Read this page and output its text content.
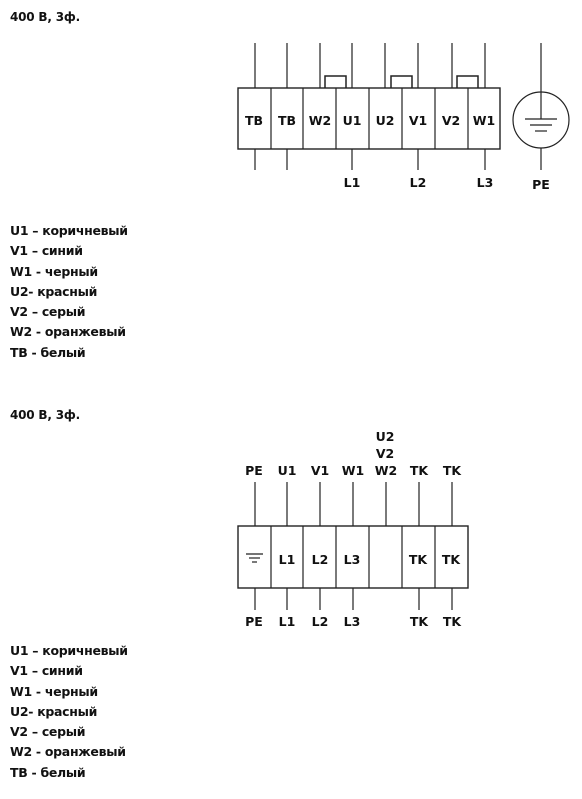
400 В, 3ф.
ТВ ТВ W2 U1 U2 V1 V2 W1
L1	L2	L3	PE
U1 – коричневый
V1 – синий
W1 - черный
U2- красный
V2 – серый
W2 - оранжевый
ТВ - белый
400 В, 3ф.
U2
V2
PE U1 V1 W1 W2 TK TK
L1 L2 L3	TK TK
PE L1 L2 L3	TK TK
U1 – коричневый
V1 – синий
W1 - черный
U2- красный
V2 – серый
W2 - оранжевый
ТВ - белый
